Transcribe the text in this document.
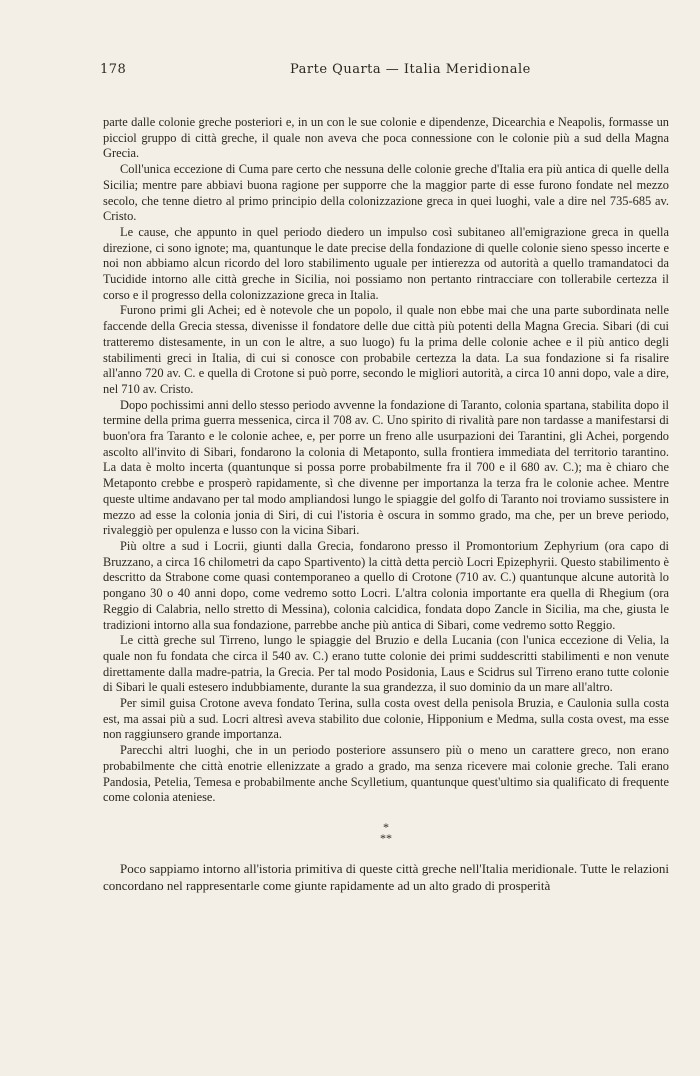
178	Parte Quarta — Italia Meridionale

parte dalle colonie greche posteriori e, in un con le sue colonie e dipendenze, Dicearchia e Neapolis, formasse un picciol gruppo di città greche, il quale non aveva che poca connessione con le colonie più a sud della Magna Grecia.

Coll'unica eccezione di Cuma pare certo che nessuna delle colonie greche d'Italia era più antica di quelle della Sicilia; mentre pare abbiavi buona ragione per supporre che la maggior parte di esse furono fondate nel mezzo secolo, che tenne dietro al primo principio della colonizzazione greca in quei luoghi, vale a dire nel 735-685 av. Cristo.

Le cause, che appunto in quel periodo diedero un impulso così subitaneo all'emigrazione greca in quella direzione, ci sono ignote; ma, quantunque le date precise della fondazione di quelle colonie sieno spesso incerte e noi non abbiamo alcun ricordo del loro stabilimento uguale per intierezza od autorità a quello tramandatoci da Tucidide intorno alle città greche in Sicilia, noi possiamo non pertanto rintracciare con tollerabile certezza il corso e il progresso della colonizzazione greca in Italia.

Furono primi gli Achei; ed è notevole che un popolo, il quale non ebbe mai che una parte subordinata nelle faccende della Grecia stessa, divenisse il fondatore delle due città più potenti della Magna Grecia. Sibari (di cui tratteremo distesamente, in un con le altre, a suo luogo) fu la prima delle colonie achee e il più antico degli stabilimenti greci in Italia, di cui si conosce con probabile certezza la data. La sua fondazione si fa risalire all'anno 720 av. C. e quella di Crotone si può porre, secondo le migliori autorità, a circa 10 anni dopo, vale a dire, nel 710 av. Cristo.

Dopo pochissimi anni dello stesso periodo avvenne la fondazione di Taranto, colonia spartana, stabilita dopo il termine della prima guerra messenica, circa il 708 av. C. Uno spirito di rivalità pare non tardasse a manifestarsi di buon'ora fra Taranto e le colonie achee, e, per porre un freno alle usurpazioni dei Tarantini, gli Achei, porgendo ascolto all'invito di Sibari, fondarono la colonia di Metaponto, sulla frontiera immediata del territorio tarantino. La data è molto incerta (quantunque si possa porre probabilmente fra il 700 e il 680 av. C.); ma è chiaro che Metaponto crebbe e prosperò rapidamente, sì che divenne per importanza la terza fra le colonie achee. Mentre queste ultime andavano per tal modo ampliandosi lungo le spiaggie del golfo di Taranto noi troviamo sussistere in mezzo ad esse la colonia jonia di Siri, di cui l'istoria è oscura in sommo grado, ma che, per un breve periodo, rivaleggiò per opulenza e lusso con la vicina Sibari.

Più oltre a sud i Locrii, giunti dalla Grecia, fondarono presso il Promontorium Zephyrium (ora capo di Bruzzano, a circa 16 chilometri da capo Spartivento) la città detta perciò Locri Epizephyrii. Questo stabilimento è descritto da Strabone come quasi contemporaneo a quello di Crotone (710 av. C.) quantunque alcune autorità lo pongano 30 o 40 anni dopo, come vedremo sotto Locri. L'altra colonia importante era quella di Rhegium (ora Reggio di Calabria, nello stretto di Messina), colonia calcidica, fondata dopo Zancle in Sicilia, ma che, giusta le tradizioni intorno alla sua fondazione, parrebbe anche più antica di Sibari, come vedremo sotto Reggio.

Le città greche sul Tirreno, lungo le spiaggie del Bruzio e della Lucania (con l'unica eccezione di Velia, la quale non fu fondata che circa il 540 av. C.) erano tutte colonie dei primi suddescritti stabilimenti e non venute direttamente dalla madre-patria, la Grecia. Per tal modo Posidonia, Laus e Scidrus sul Tirreno erano tutte colonie di Sibari le quali estesero indubbiamente, durante la sua grandezza, il suo dominio da un mare all'altro.

Per simil guisa Crotone aveva fondato Terina, sulla costa ovest della penisola Bruzia, e Caulonia sulla costa est, ma assai più a sud. Locri altresì aveva stabilito due colonie, Hipponium e Medma, sulla costa ovest, ma esse non raggiunsero grande importanza.

Parecchi altri luoghi, che in un periodo posteriore assunsero più o meno un carattere greco, non erano probabilmente che città enotrie ellenizzate a grado a grado, ma senza ricevere mai colonie greche. Tali erano Pandosia, Petelia, Temesa e probabilmente anche Scylletium, quantunque quest'ultimo sia qualificato di frequente come colonia ateniese.

*
**

Poco sappiamo intorno all'istoria primitiva di queste città greche nell'Italia meridionale. Tutte le relazioni concordano nel rappresentarle come giunte rapidamente ad un alto grado di prosperità
